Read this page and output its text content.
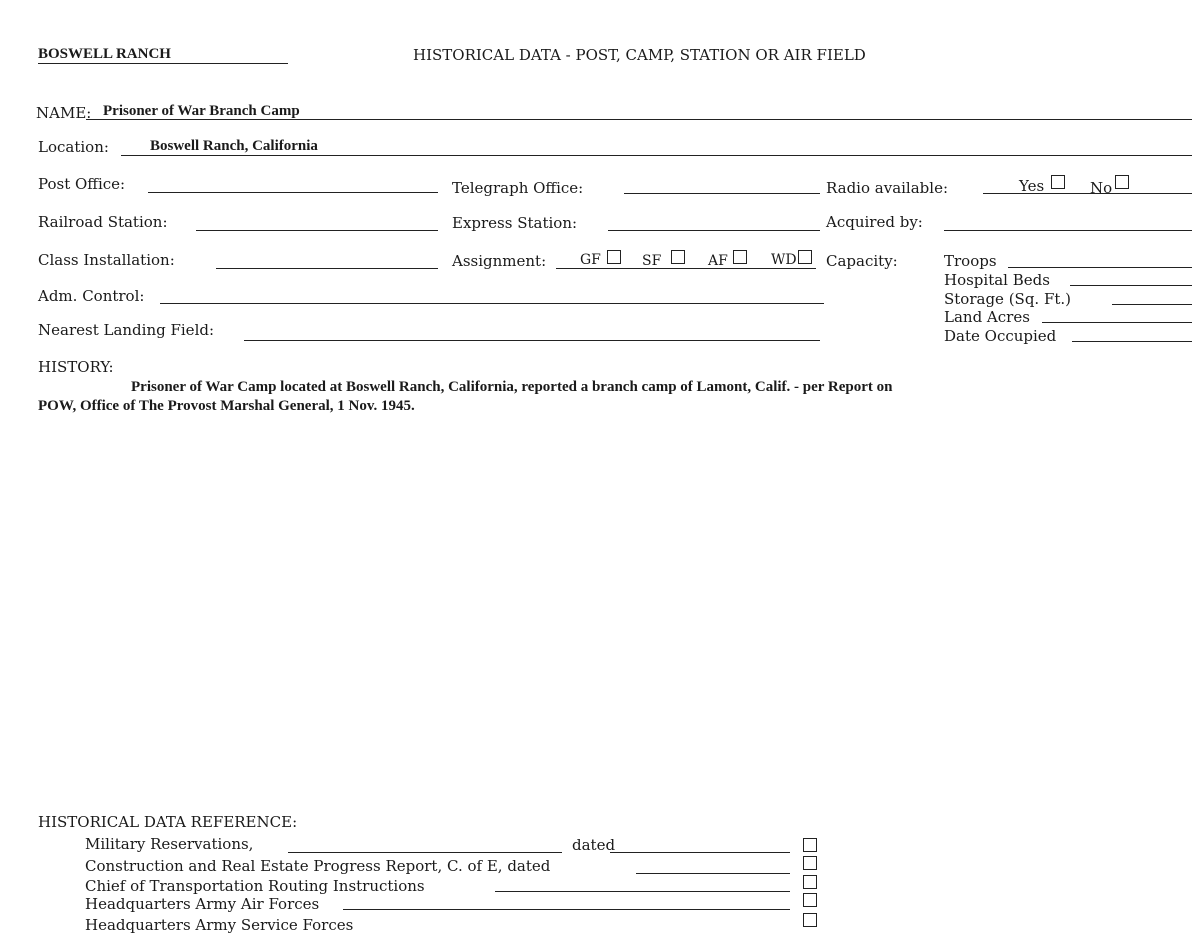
BOSWELL RANCH	HISTORICAL DATA - POST, CAMP, STATION OR AIR FIELD
NAME: Prisoner of War Branch Camp
Location:	Boswell Ranch, California
Post Office:	Telegraph Office:	Radio available:	Yes	No
Railroad Station:	Express Station:	Acquired by:
Class Installation:	Assignment: GF	SF	AF	WD Capacity:	Troops
Hospital Beds
Storage (Sq. Ft.)
Land Acres
Date Occupied
Adm. Control:
Nearest Landing Field:
HISTORY:
Prisoner of War Camp located at Boswell Ranch, California, reported a branch camp of Lamont, Calif. - per Report on
POW, Office of The Provost Marshal General, 1 Nov. 1945.
HISTORICAL DATA REFERENCE:
Military Reservations,	dated
Construction and Real Estate Progress Report, C. of E, dated
Chief of Transportation Routing Instructions
Headquarters Army Air Forces
Headquarters Army Service Forces
